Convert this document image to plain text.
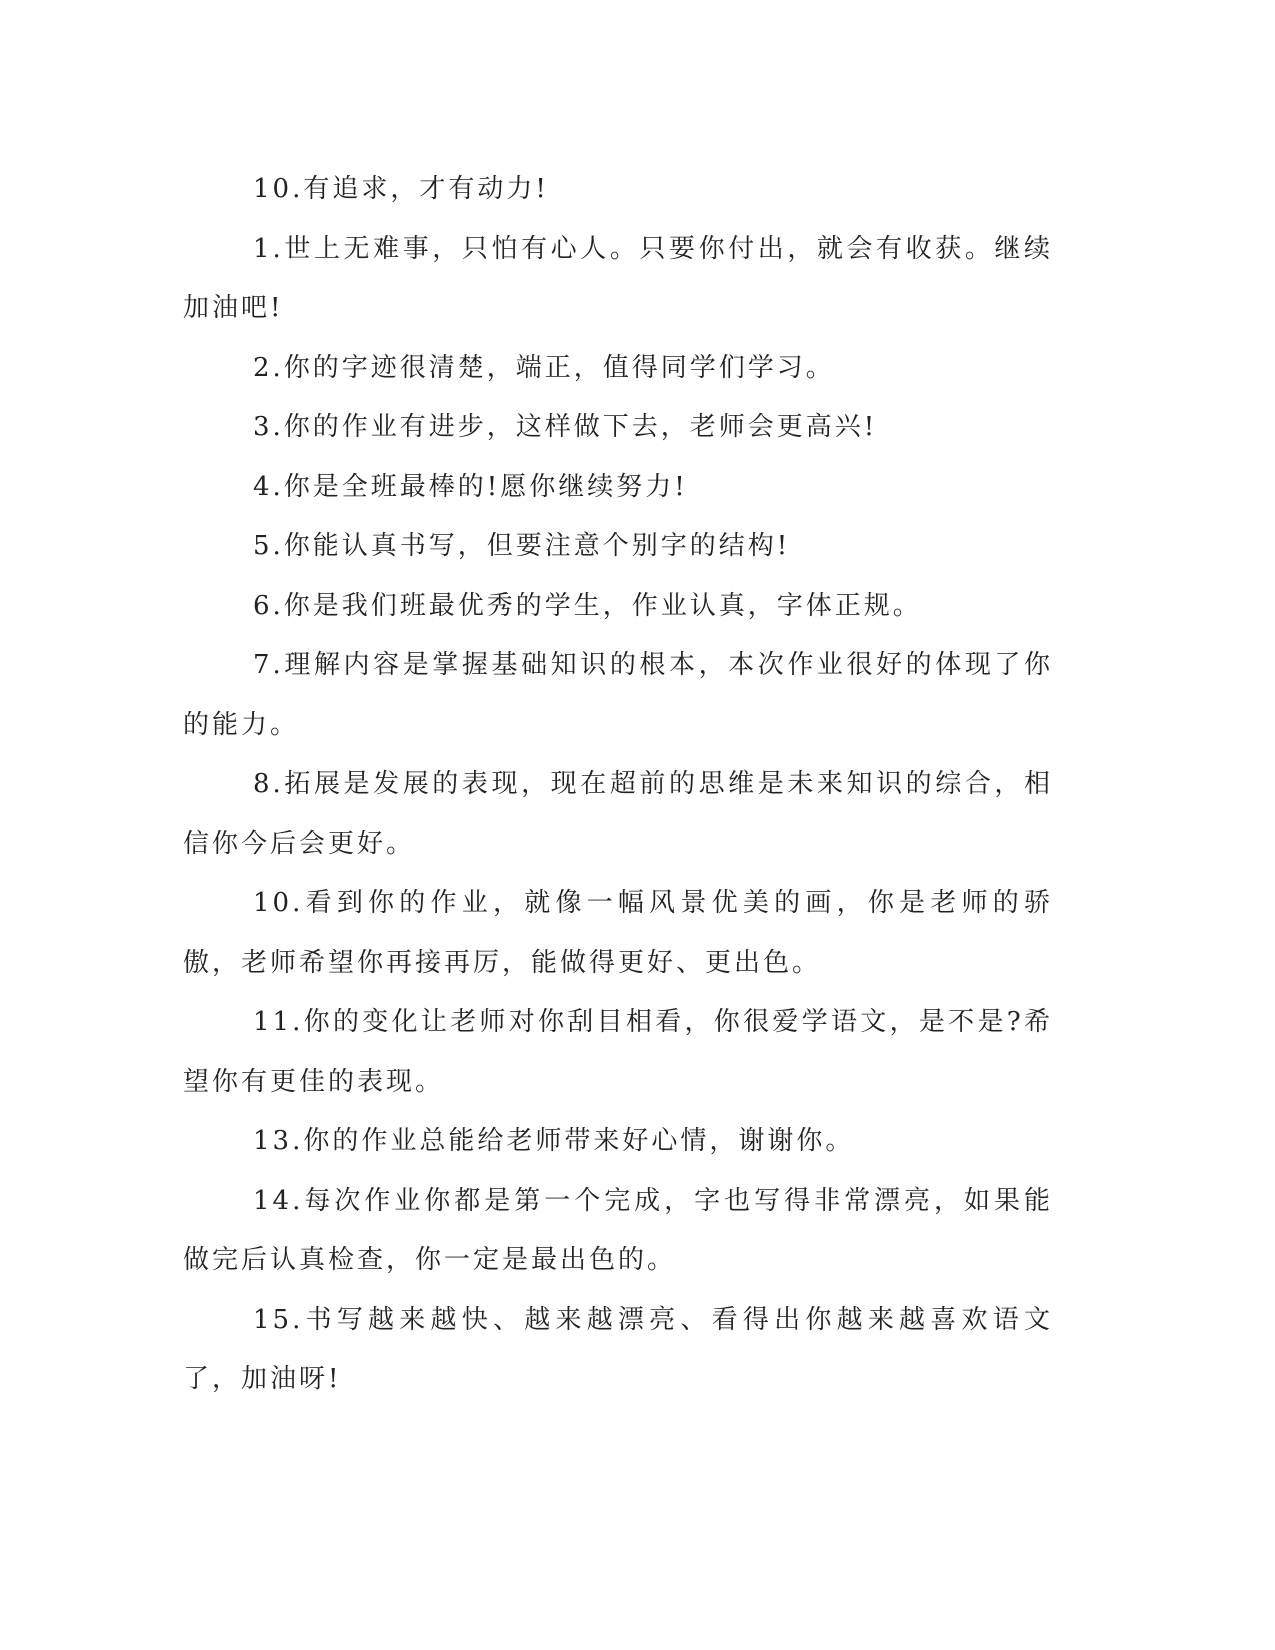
10.有追求，才有动力!

1.世上无难事，只怕有心人。只要你付出，就会有收获。继续加油吧!

2.你的字迹很清楚，端正，值得同学们学习。

3.你的作业有进步，这样做下去，老师会更高兴!

4.你是全班最棒的!愿你继续努力!

5.你能认真书写，但要注意个别字的结构!

6.你是我们班最优秀的学生，作业认真，字体正规。

7.理解内容是掌握基础知识的根本，本次作业很好的体现了你的能力。

8.拓展是发展的表现，现在超前的思维是未来知识的综合，相信你今后会更好。

10.看到你的作业，就像一幅风景优美的画，你是老师的骄傲，老师希望你再接再厉，能做得更好、更出色。

11.你的变化让老师对你刮目相看，你很爱学语文，是不是?希望你有更佳的表现。

13.你的作业总能给老师带来好心情，谢谢你。

14.每次作业你都是第一个完成，字也写得非常漂亮，如果能做完后认真检查，你一定是最出色的。

15.书写越来越快、越来越漂亮、看得出你越来越喜欢语文了，加油呀!
